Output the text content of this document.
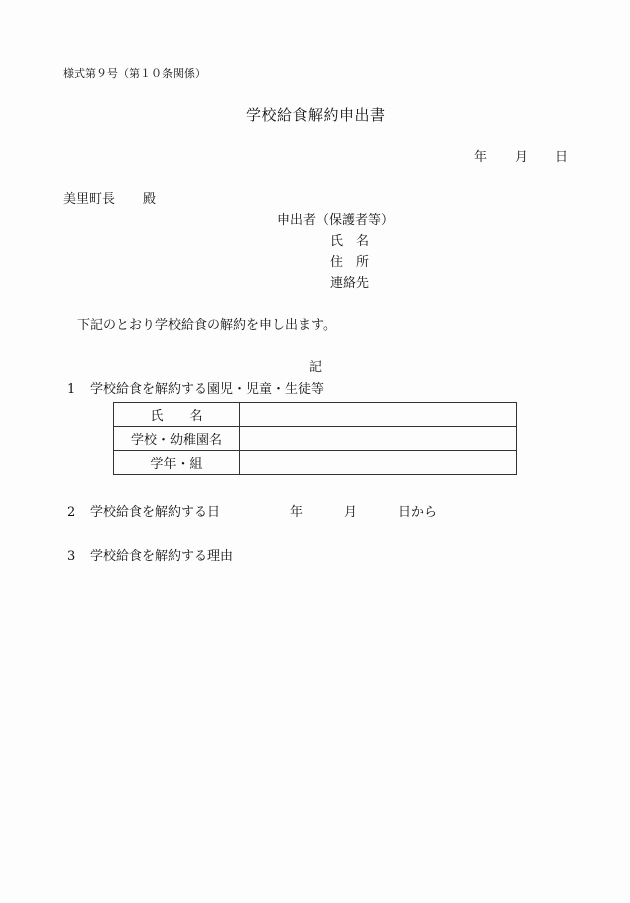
様式第９号（第１０条関係）
学校給食解約申出書
年 月 日
美里町長 殿
申出者（保護者等）
氏　名
住　所
連絡先
下記のとおり学校給食の解約を申し出ます。
記
1 学校給食を解約する園児・児童・生徒等
氏　　名	
学校・幼稚園名	
学年・組	
2 学校給食を解約する日	年	月	日から
3 学校給食を解約する理由
